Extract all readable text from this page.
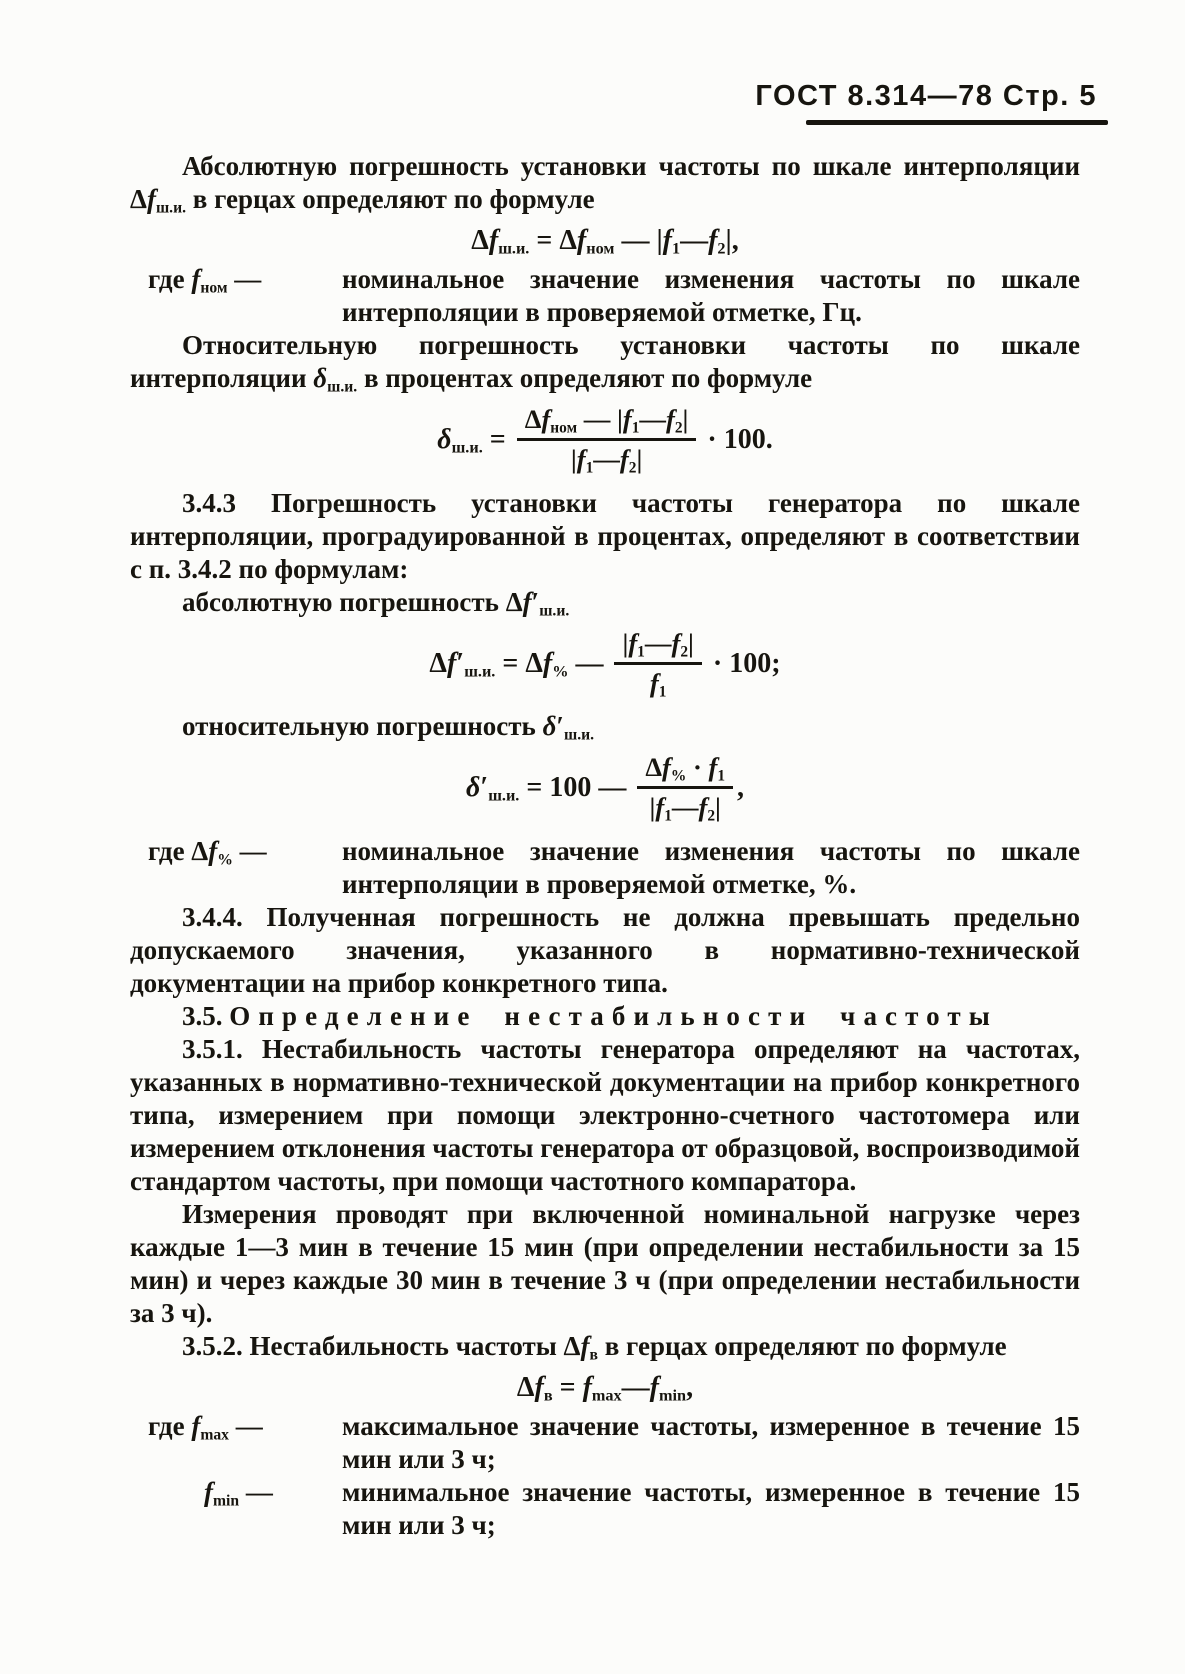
ГОСТ 8.314—78 Стр. 5

Абсолютную погрешность установки частоты по шкале интерполяции $\Delta f_{ш.и.}$ в герцах определяют по формуле

$\Delta f_{ш.и.} = \Delta f_{ном}$ — $|f_1—f_2|$,
где $f_{ном}$ —	номинальное значение изменения частоты по шкале интерполяции в проверяемой отметке, Гц.

Относительную погрешность установки частоты по шкале интерполяции $\delta_{ш.и.}$ в процентах определяют по формуле

$\delta_{ш.и.} = \frac{\Delta f_{ном} — |f_1—f_2|}{|f_1—f_2|} \cdot 100$.

3.4.3 Погрешность установки частоты генератора по шкале интерполяции, проградуированной в процентах, определяют в соответствии с п. 3.4.2 по формулам:

абсолютную погрешность $\Delta f'_{ш.и.}$

$\Delta f'_{ш.и.} = \Delta f_{\%}$ — $\frac{|f_1—f_2|}{f_1} \cdot 100$;

относительную погрешность $\delta'_{ш.и.}$

$\delta'_{ш.и.} = 100$ — $\frac{\Delta f_{\%} \cdot f_1}{|f_1—f_2|}$ ,
где $\Delta f_{\%}$ —	номинальное значение изменения частоты по шкале интерполяции в проверяемой отметке, %.

3.4.4. Полученная погрешность не должна превышать предельно допускаемого значения, указанного в нормативно-технической документации на прибор конкретного типа.

3.5. Определение нестабильности частоты

3.5.1. Нестабильность частоты генератора определяют на частотах, указанных в нормативно-технической документации на прибор конкретного типа, измерением при помощи электронно-счетного частотомера или измерением отклонения частоты генератора от образцовой, воспроизводимой стандартом частоты, при помощи частотного компаратора.

Измерения проводят при включенной номинальной нагрузке через каждые 1—3 мин в течение 15 мин (при определении нестабильности за 15 мин) и через каждые 30 мин в течение 3 ч (при определении нестабильности за 3 ч).

3.5.2. Нестабильность частоты $\Delta f_в$ в герцах определяют по формуле

$\Delta f_в$ = $f_{max}—f_{min}$,
где $f_{max}$ —	максимальное значение частоты, измеренное в течение 15 мин или 3 ч;
$f_{min}$ —	минимальное значение частоты, измеренное в течение 15 мин или 3 ч;
